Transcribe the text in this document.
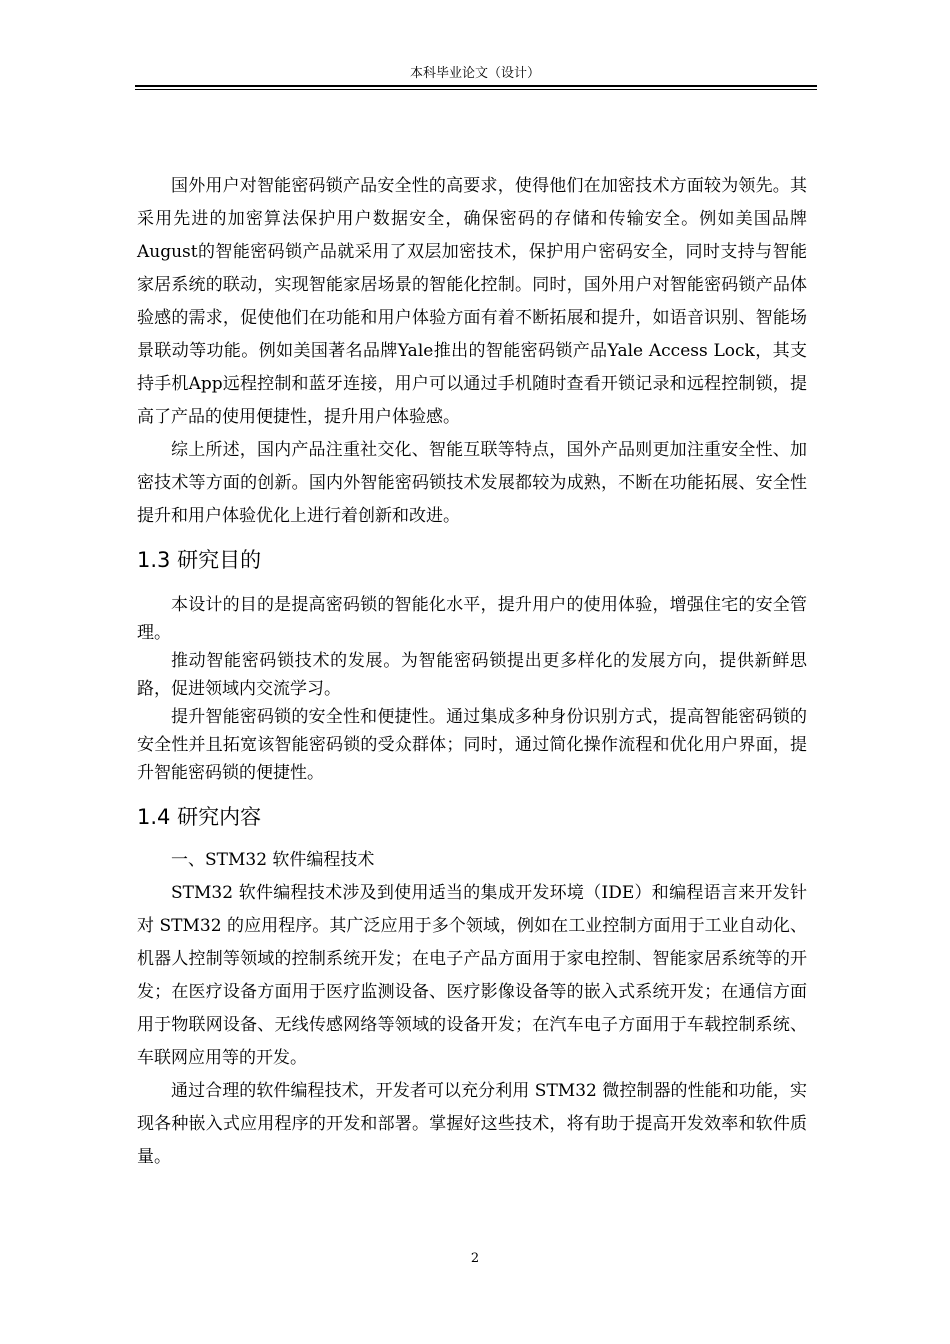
本科毕业论文（设计）

国外用户对智能密码锁产品安全性的高要求，使得他们在加密技术方面较为领先。其采用先进的加密算法保护用户数据安全，确保密码的存储和传输安全。例如美国品牌August的智能密码锁产品就采用了双层加密技术，保护用户密码安全，同时支持与智能家居系统的联动，实现智能家居场景的智能化控制。同时，国外用户对智能密码锁产品体验感的需求，促使他们在功能和用户体验方面有着不断拓展和提升，如语音识别、智能场景联动等功能。例如美国著名品牌Yale推出的智能密码锁产品Yale Access Lock，其支持手机App远程控制和蓝牙连接，用户可以通过手机随时查看开锁记录和远程控制锁，提高了产品的使用便捷性，提升用户体验感。

综上所述，国内产品注重社交化、智能互联等特点，国外产品则更加注重安全性、加密技术等方面的创新。国内外智能密码锁技术发展都较为成熟，不断在功能拓展、安全性提升和用户体验优化上进行着创新和改进。

1.3 研究目的

本设计的目的是提高密码锁的智能化水平，提升用户的使用体验，增强住宅的安全管理。

推动智能密码锁技术的发展。为智能密码锁提出更多样化的发展方向，提供新鲜思路，促进领域内交流学习。

提升智能密码锁的安全性和便捷性。通过集成多种身份识别方式，提高智能密码锁的安全性并且拓宽该智能密码锁的受众群体；同时，通过简化操作流程和优化用户界面，提升智能密码锁的便捷性。

1.4 研究内容

一、STM32 软件编程技术

STM32 软件编程技术涉及到使用适当的集成开发环境（IDE）和编程语言来开发针对 STM32 的应用程序。其广泛应用于多个领域，例如在工业控制方面用于工业自动化、机器人控制等领域的控制系统开发；在电子产品方面用于家电控制、智能家居系统等的开发；在医疗设备方面用于医疗监测设备、医疗影像设备等的嵌入式系统开发；在通信方面用于物联网设备、无线传感网络等领域的设备开发；在汽车电子方面用于车载控制系统、车联网应用等的开发。

通过合理的软件编程技术，开发者可以充分利用 STM32 微控制器的性能和功能，实现各种嵌入式应用程序的开发和部署。掌握好这些技术，将有助于提高开发效率和软件质量。

2
